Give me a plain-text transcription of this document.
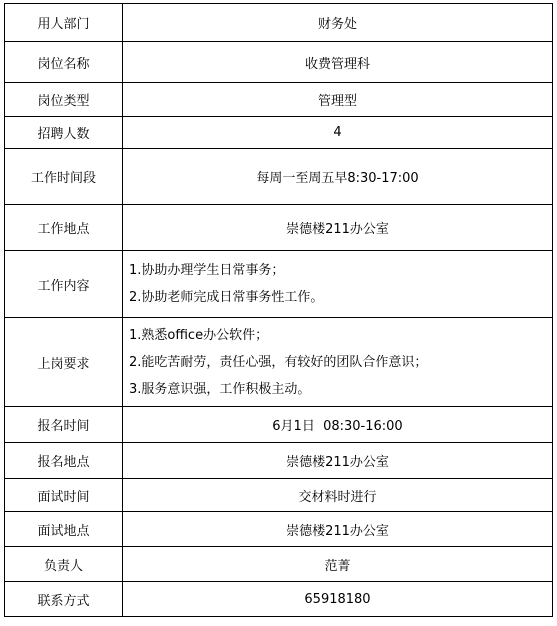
用人部门	财务处
岗位名称	收费管理科
岗位类型	管理型
招聘人数	4
工作时间段	每周一至周五早8:30-17:00
工作地点	崇德楼211办公室
工作内容	1.协助办理学生日常事务；
2.协助老师完成日常事务性工作。

上岗要求	1.熟悉office办公软件；
2.能吃苦耐劳，责任心强，有较好的团队合作意识；
3.服务意识强，工作积极主动。

报名时间	6月1日  08:30-16:00
报名地点	崇德楼211办公室
面试时间	交材料时进行
面试地点	崇德楼211办公室
负责人	范菁
联系方式	65918180
